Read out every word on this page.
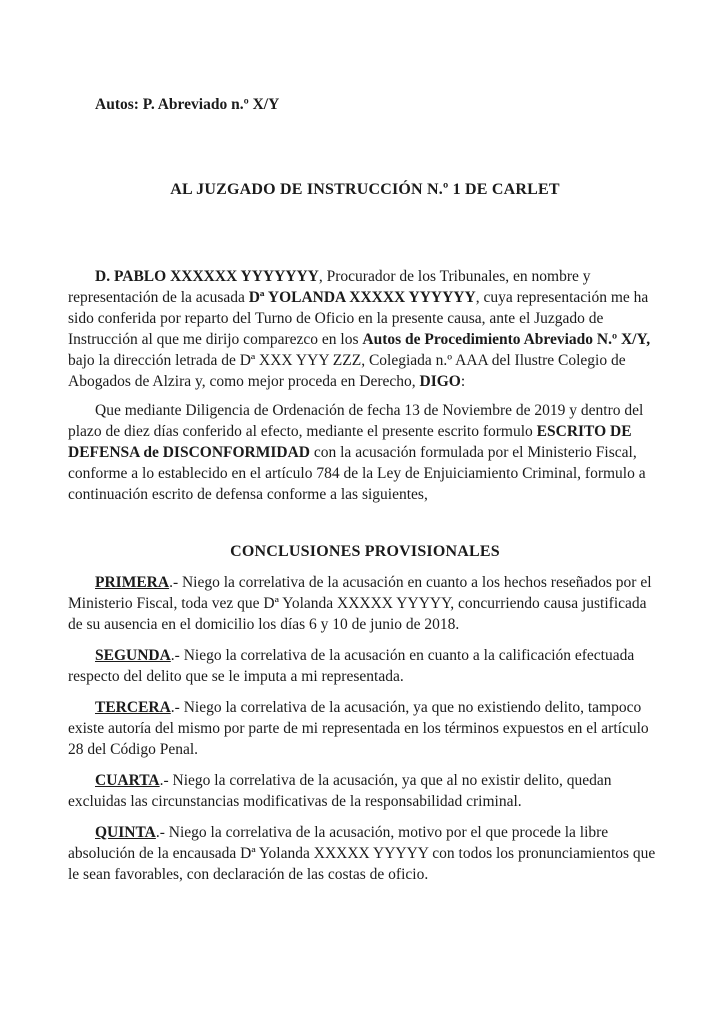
Autos: P. Abreviado n.º X/Y

AL JUZGADO DE INSTRUCCIÓN N.º 1 DE CARLET

D. PABLO XXXXXX YYYYYYY, Procurador de los Tribunales, en nombre y representación de la acusada Dª YOLANDA XXXXX YYYYYY, cuya representación me ha sido conferida por reparto del Turno de Oficio en la presente causa, ante el Juzgado de Instrucción al que me dirijo comparezco en los Autos de Procedimiento Abreviado N.º X/Y, bajo la dirección letrada de Dª XXX YYY ZZZ, Colegiada n.º AAA del Ilustre Colegio de Abogados de Alzira y, como mejor proceda en Derecho, DIGO:

Que mediante Diligencia de Ordenación de fecha 13 de Noviembre de 2019 y dentro del plazo de diez días conferido al efecto, mediante el presente escrito formulo ESCRITO DE DEFENSA de DISCONFORMIDAD con la acusación formulada por el Ministerio Fiscal, conforme a lo establecido en el artículo 784 de la Ley de Enjuiciamiento Criminal, formulo a continuación escrito de defensa conforme a las siguientes,

CONCLUSIONES PROVISIONALES

PRIMERA.- Niego la correlativa de la acusación en cuanto a los hechos reseñados por el Ministerio Fiscal, toda vez que Dª Yolanda XXXXX YYYYY, concurriendo causa justificada de su ausencia en el domicilio los días 6 y 10 de junio de 2018.

SEGUNDA.- Niego la correlativa de la acusación en cuanto a la calificación efectuada respecto del delito que se le imputa a mi representada.

TERCERA.- Niego la correlativa de la acusación, ya que no existiendo delito, tampoco existe autoría del mismo por parte de mi representada en los términos expuestos en el artículo 28 del Código Penal.

CUARTA.- Niego la correlativa de la acusación, ya que al no existir delito, quedan excluidas las circunstancias modificativas de la responsabilidad criminal.

QUINTA.- Niego la correlativa de la acusación, motivo por el que procede la libre absolución de la encausada Dª Yolanda XXXXX YYYYY con todos los pronunciamientos que le sean favorables, con declaración de las costas de oficio.
